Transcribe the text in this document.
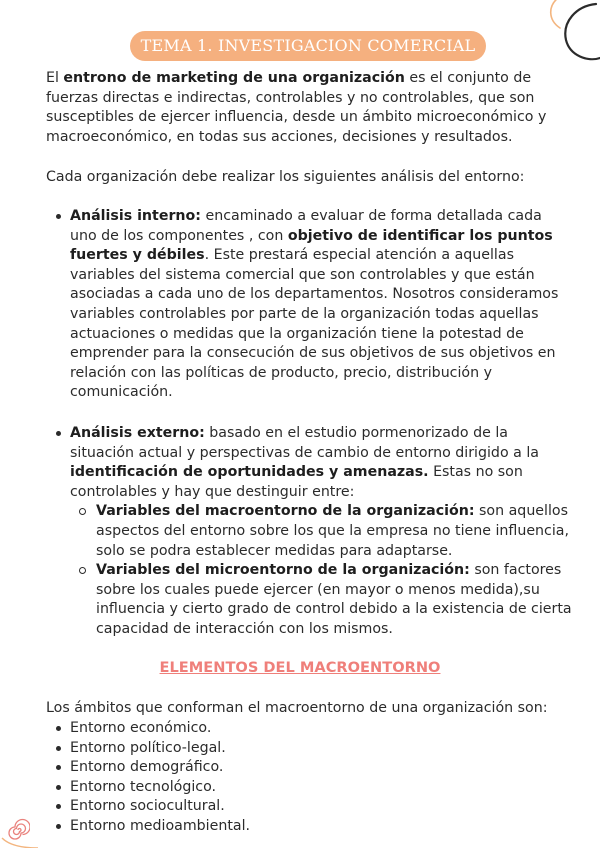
TEMA 1. INVESTIGACION COMERCIAL

El entrono de marketing de una organización es el conjunto de fuerzas directas e indirectas, controlables y no controlables, que son susceptibles de ejercer influencia, desde un ámbito microeconómico y macroeconómico, en todas sus acciones, decisiones y resultados.

Cada organización debe realizar los siguientes análisis del entorno:

Análisis interno: encaminado a evaluar de forma detallada cada uno de los componentes , con objetivo de identificar los puntos fuertes y débiles. Este prestará especial atención a aquellas variables del sistema comercial que son controlables y que están asociadas a cada uno de los departamentos. Nosotros consideramos variables controlables por parte de la organización todas aquellas actuaciones o medidas que la organización tiene la potestad de emprender para la consecución de sus objetivos de sus objetivos en relación con las políticas de producto, precio, distribución y comunicación.
Análisis externo: basado en el estudio pormenorizado de la situación actual y perspectivas de cambio de entorno dirigido a la identificación de oportunidades y amenazas. Estas no son controlables y hay que destinguir entre:
Variables del macroentorno de la organización: son aquellos aspectos del entorno sobre los que la empresa no tiene influencia, solo se podra establecer medidas para adaptarse.
Variables del microentorno de la organización: son factores sobre los cuales puede ejercer (en mayor o menos medida),su influencia y cierto grado de control debido a la existencia de cierta capacidad de interacción con los mismos.
ELEMENTOS DEL MACROENTORNO

Los ámbitos que conforman el macroentorno de una organización son:

Entorno económico.
Entorno político-legal.
Entorno demográfico.
Entorno tecnológico.
Entorno sociocultural.
Entorno medioambiental.
